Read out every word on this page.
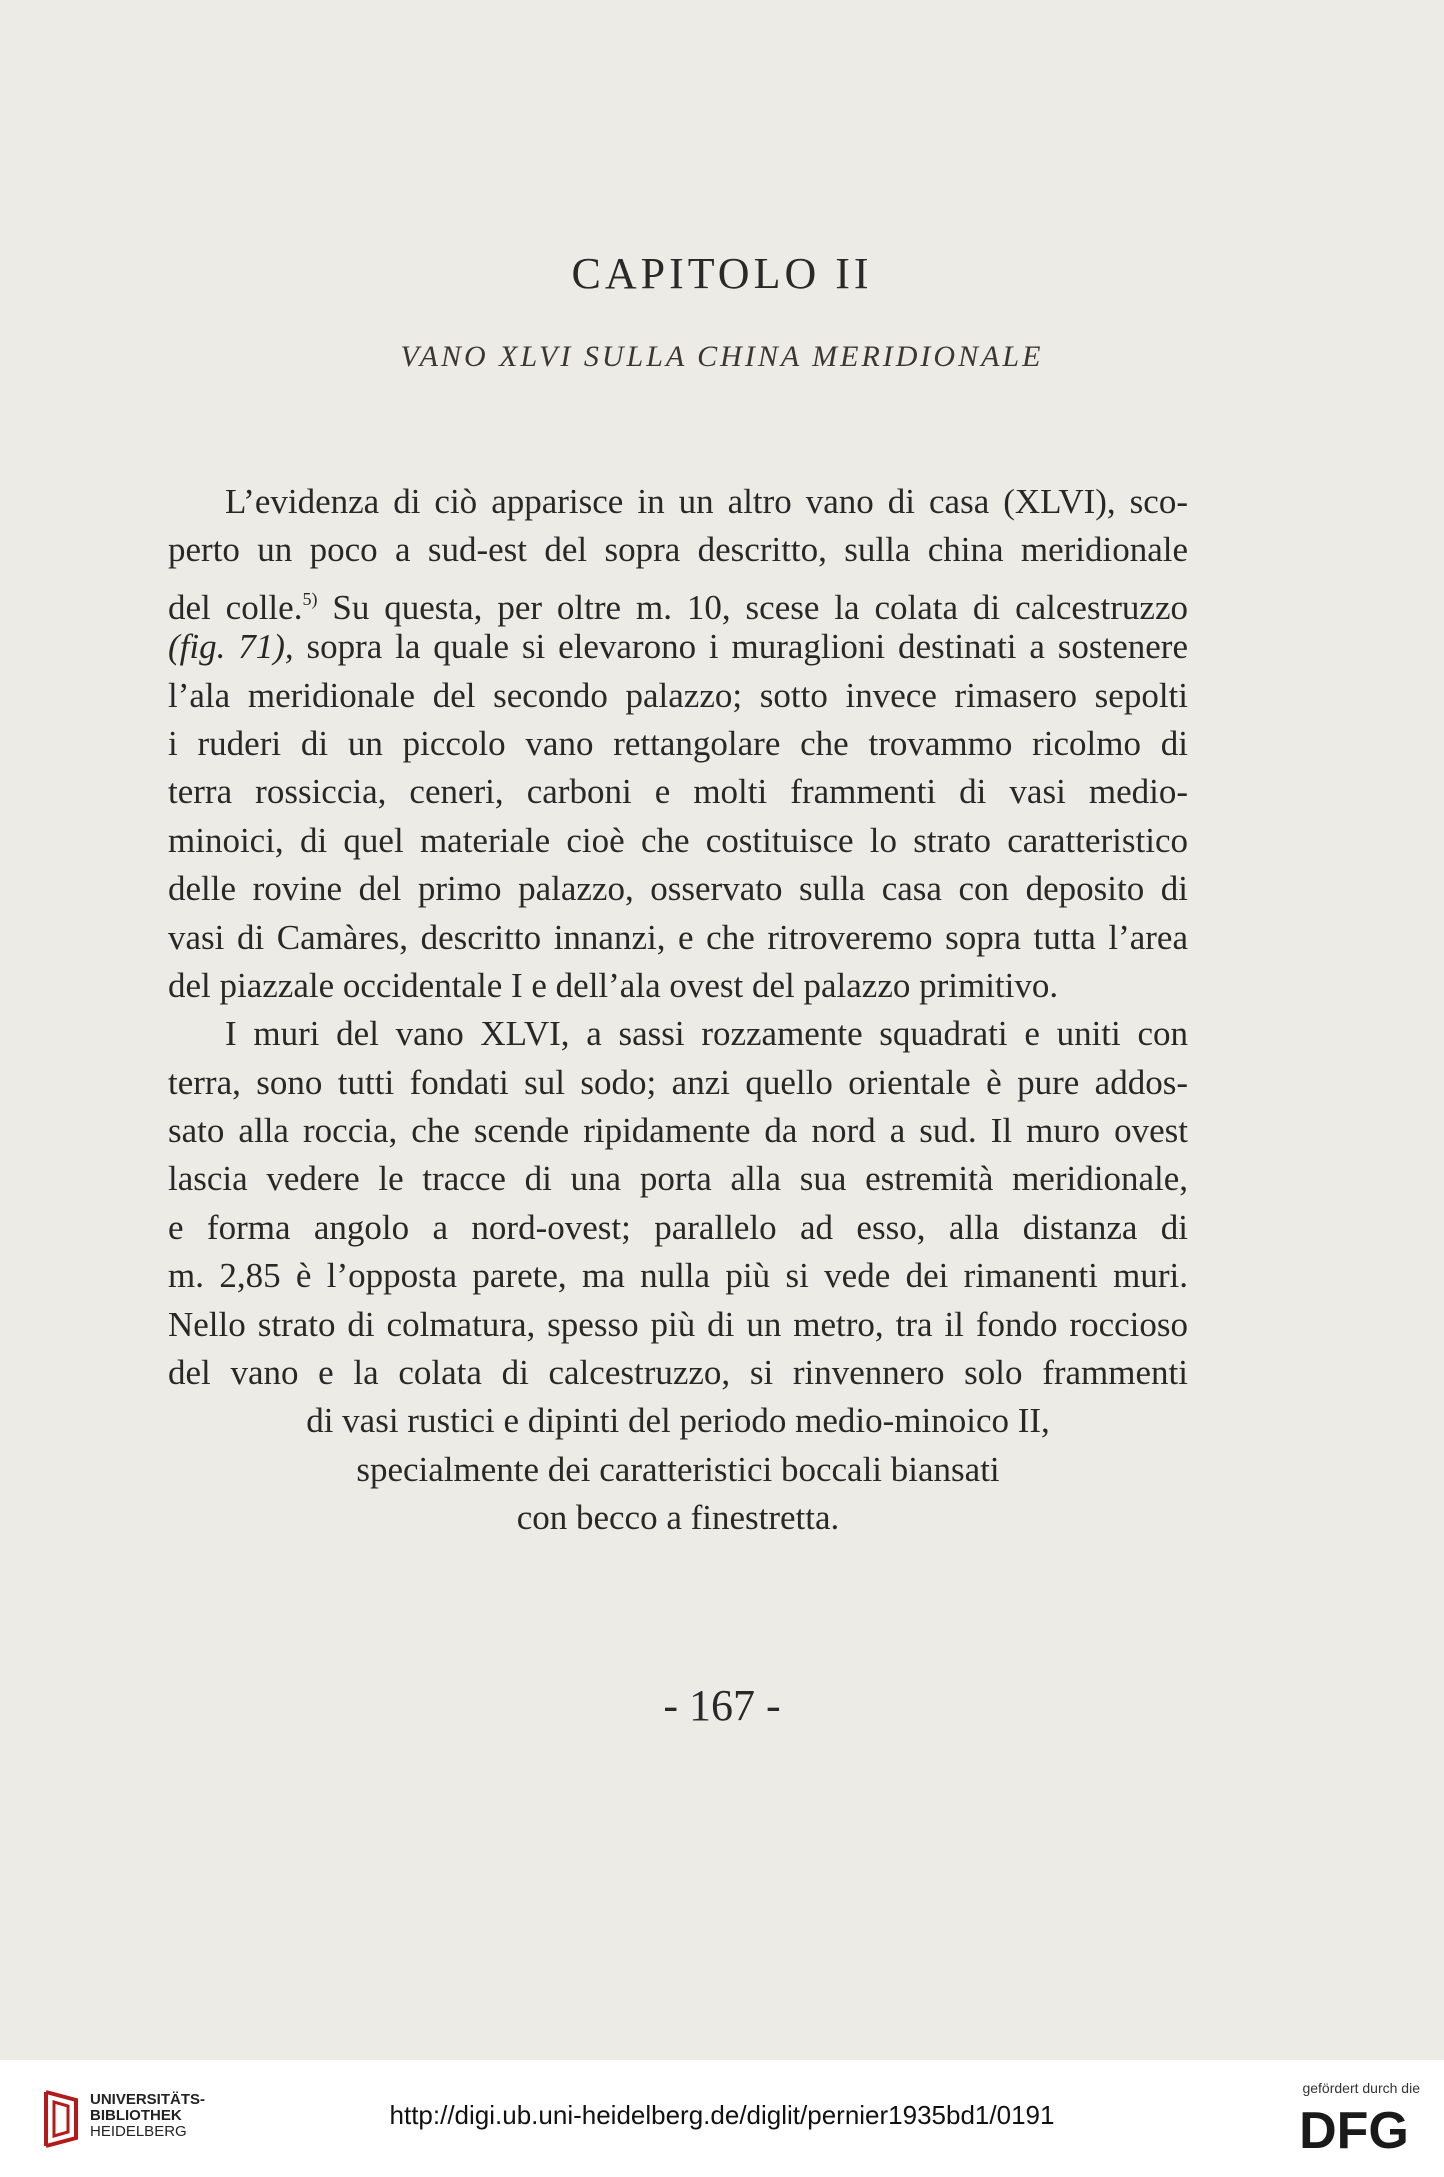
CAPITOLO II
VANO XLVI SULLA CHINA MERIDIONALE
L’evidenza di ciò apparisce in un altro vano di casa (XLVI), sco-
perto un poco a sud-est del sopra descritto, sulla china meridionale
del colle.$^{5)}$ Su questa, per oltre m. 10, scese la colata di calcestruzzo
(fig. 71), sopra la quale si elevarono i muraglioni destinati a sostenere
l’ala meridionale del secondo palazzo; sotto invece rimasero sepolti
i ruderi di un piccolo vano rettangolare che trovammo ricolmo di
terra rossiccia, ceneri, carboni e molti frammenti di vasi medio-
minoici, di quel materiale cioè che costituisce lo strato caratteristico
delle rovine del primo palazzo, osservato sulla casa con deposito di
vasi di Camàres, descritto innanzi, e che ritroveremo sopra tutta l’area
del piazzale occidentale I e dell’ala ovest del palazzo primitivo.
I muri del vano XLVI, a sassi rozzamente squadrati e uniti con
terra, sono tutti fondati sul sodo; anzi quello orientale è pure addos-
sato alla roccia, che scende ripidamente da nord a sud. Il muro ovest
lascia vedere le tracce di una porta alla sua estremità meridionale,
e forma angolo a nord-ovest; parallelo ad esso, alla distanza di
m. 2,85 è l’opposta parete, ma nulla più si vede dei rimanenti muri.
Nello strato di colmatura, spesso più di un metro, tra il fondo roccioso
del vano e la colata di calcestruzzo, si rinvennero solo frammenti
di vasi rustici e dipinti del periodo medio-minoico II,
specialmente dei caratteristici boccali biansati
con becco a finestretta.
- 167 -
UNIVERSITÄTS-
BIBLIOTHEK
HEIDELBERG
http://digi.ub.uni-heidelberg.de/diglit/pernier1935bd1/0191
gefördert durch die
DFG
